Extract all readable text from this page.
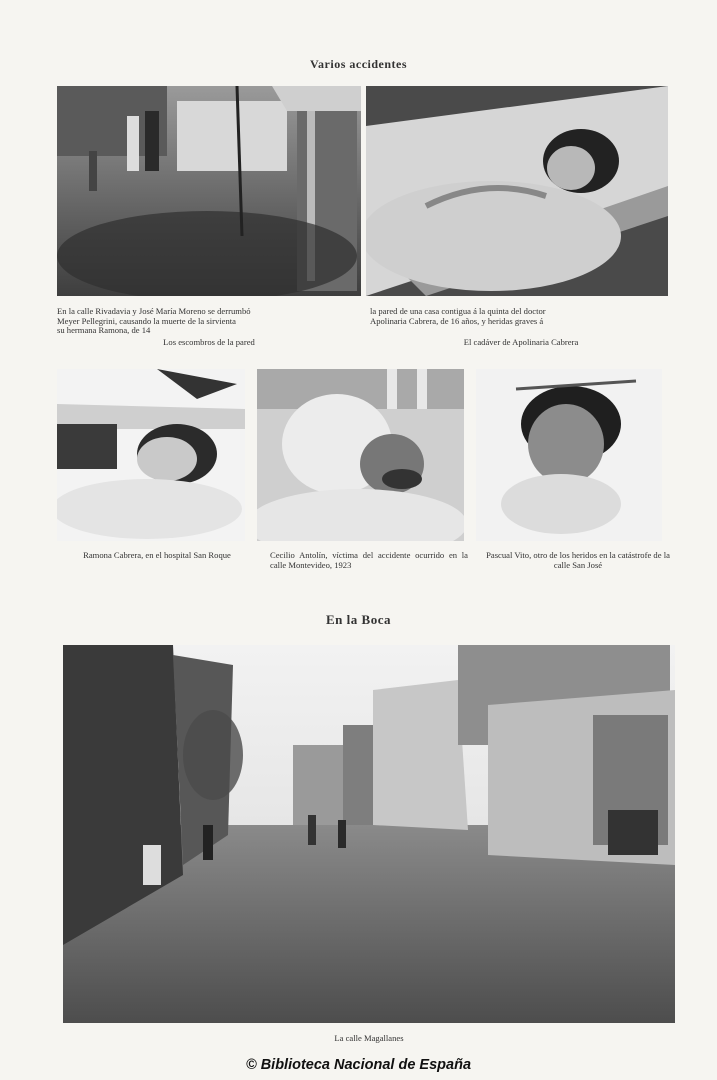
Varios accidentes
En la calle Rivadavia y José María Moreno se derrumbó
Meyer Pellegrini, causando la muerte de la sirvienta
su hermana Ramona, de 14
la pared de una casa contigua á la quinta del doctor
Apolinaria Cabrera, de 16 años, y heridas graves á
Los escombros de la pared	El cadáver de Apolinaria Cabrera
Ramona Cabrera, en el hospital San Roque	Cecilio Antolín, víctima del accidente ocurrido en la calle Montevideo, 1923
Pascual Vito, otro de los heridos en la catástrofe de la calle San José
En la Boca
La calle Magallanes
© Biblioteca Nacional de España
